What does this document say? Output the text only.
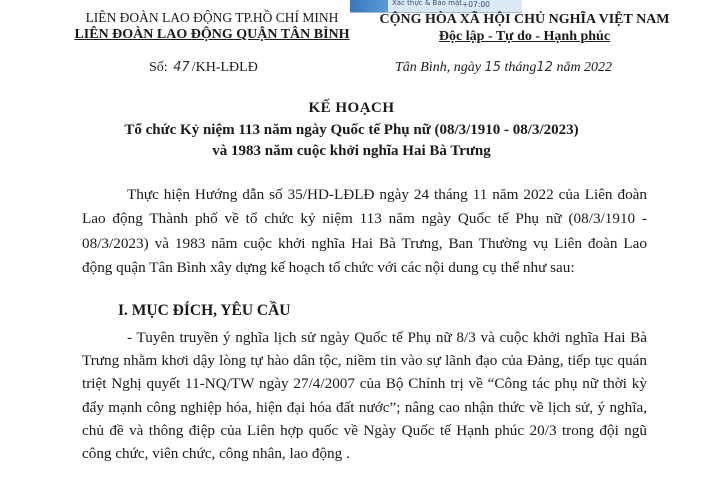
Xác thực & Bảo mật +07:00
LIÊN ĐOÀN LAO ĐỘNG TP.HỒ CHÍ MINH
LIÊN ĐOÀN LAO ĐỘNG QUẬN TÂN BÌNH
CỘNG HÒA XÃ HỘI CHỦ NGHĨA VIỆT NAM
Độc lập - Tự do - Hạnh phúc
Số: 47 /KH-LĐLĐ	Tân Bình, ngày 15 tháng12 năm 2022
KẾ HOẠCH
Tổ chức Kỷ niệm 113 năm ngày Quốc tế Phụ nữ (08/3/1910 - 08/3/2023)
và 1983 năm cuộc khởi nghĩa Hai Bà Trưng
Thực hiện Hướng dẫn số 35/HD-LĐLĐ ngày 24 tháng 11 năm 2022 của Liên đoàn Lao động Thành phố về tổ chức kỷ niệm 113 năm ngày Quốc tế Phụ nữ (08/3/1910 - 08/3/2023) và 1983 năm cuộc khởi nghĩa Hai Bà Trưng, Ban Thường vụ Liên đoàn Lao động quận Tân Bình xây dựng kế hoạch tổ chức với các nội dung cụ thể như sau:
I. MỤC ĐÍCH, YÊU CẦU
- Tuyên truyền ý nghĩa lịch sử ngày Quốc tế Phụ nữ 8/3 và cuộc khởi nghĩa Hai Bà Trưng nhằm khơi dậy lòng tự hào dân tộc, niềm tin vào sự lãnh đạo của Đảng, tiếp tục quán triệt Nghị quyết 11-NQ/TW ngày 27/4/2007 của Bộ Chính trị về “Công tác phụ nữ thời kỳ đẩy mạnh công nghiệp hóa, hiện đại hóa đất nước”; nâng cao nhận thức về lịch sử, ý nghĩa, chủ đề và thông điệp của Liên hợp quốc về Ngày Quốc tế Hạnh phúc 20/3 trong đội ngũ công chức, viên chức, công nhân, lao động .
